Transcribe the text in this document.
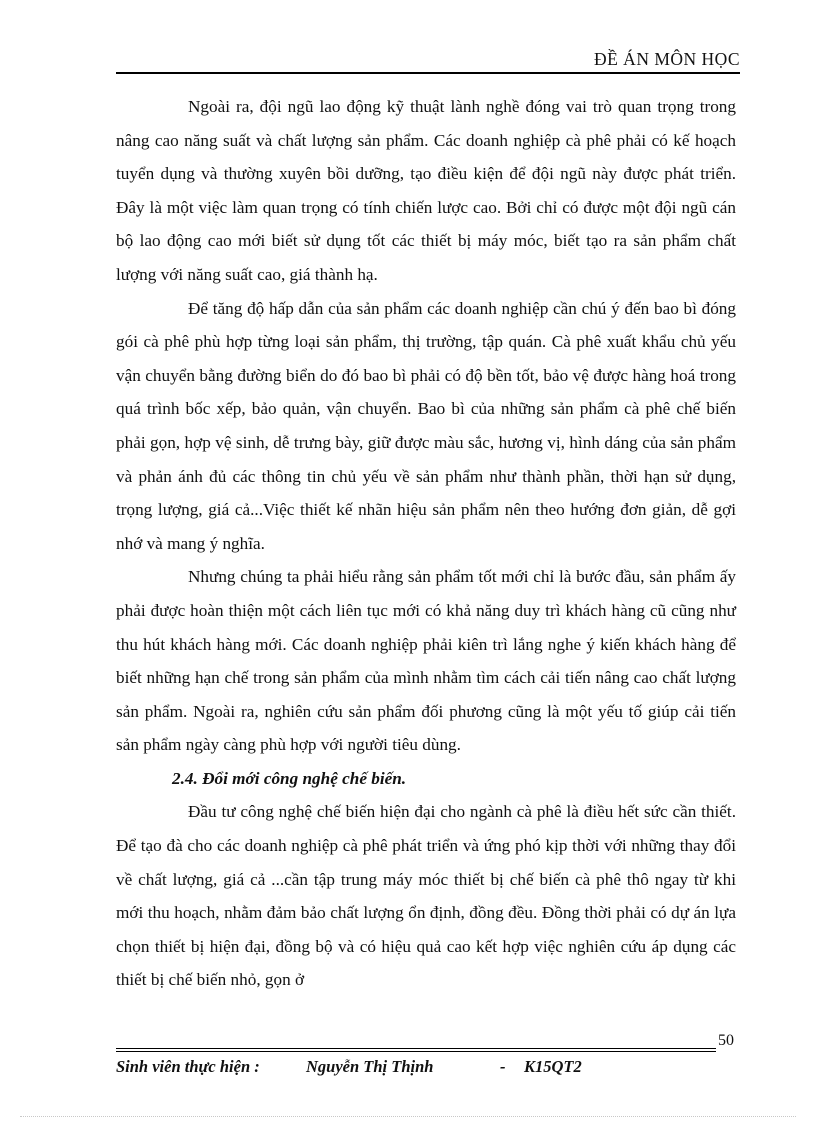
ĐỀ ÁN MÔN HỌC

Ngoài ra, đội ngũ lao động kỹ thuật lành nghề đóng vai trò quan trọng trong nâng cao năng suất và chất lượng sản phẩm. Các doanh nghiệp cà phê phải có kế hoạch tuyển dụng và thường xuyên bồi dưỡng, tạo điều kiện để đội ngũ này được phát triển. Đây là một việc làm quan trọng có tính chiến lược cao. Bởi chỉ có được một đội ngũ cán bộ lao động cao mới biết sử dụng tốt các thiết bị máy móc, biết tạo ra sản phẩm chất lượng với năng suất cao, giá thành hạ.

Để tăng độ hấp dẫn của sản phẩm các doanh nghiệp cần chú ý đến bao bì đóng gói cà phê phù hợp từng loại sản phẩm, thị trường, tập quán. Cà phê xuất khẩu chủ yếu vận chuyển bằng đường biển do đó bao bì phải có độ bền tốt, bảo vệ được hàng hoá trong quá trình bốc xếp, bảo quản, vận chuyển. Bao bì của những sản phẩm cà phê chế biến phải gọn, hợp vệ sinh, dễ trưng bày, giữ được màu sắc, hương vị, hình dáng của sản phẩm và phản ánh đủ các thông tin chủ yếu về sản phẩm như thành phần, thời hạn sử dụng, trọng lượng, giá cả...Việc thiết kế nhãn hiệu sản phẩm nên theo hướng đơn giản, dễ gợi nhớ và mang ý nghĩa.

Nhưng chúng ta phải hiểu rằng sản phẩm tốt mới chỉ là bước đầu, sản phẩm ấy phải được hoàn thiện một cách liên tục mới có khả năng duy trì khách hàng cũ cũng như thu hút khách hàng mới. Các doanh nghiệp phải kiên trì lắng nghe ý kiến khách hàng để biết những hạn chế trong sản phẩm của mình nhằm tìm cách cải tiến nâng cao chất lượng sản phẩm. Ngoài ra, nghiên cứu sản phẩm đối phương cũng là một yếu tố giúp cải tiến sản phẩm ngày càng phù hợp với người tiêu dùng.

2.4. Đổi mới công nghệ chế biến.

Đầu tư công nghệ chế biến hiện đại cho ngành cà phê là điều hết sức cần thiết. Để tạo đà cho các doanh nghiệp cà phê phát triển và ứng phó kịp thời với những thay đổi về chất lượng, giá cả ...cần tập trung máy móc thiết bị chế biến cà phê thô ngay từ khi mới thu hoạch, nhằm đảm bảo chất lượng ổn định, đồng đều. Đồng thời phải có dự án lựa chọn thiết bị hiện đại, đồng bộ và có hiệu quả cao kết hợp việc nghiên cứu áp dụng các thiết bị chế biến nhỏ, gọn ở

50
Sinh viên thực hiện :	Nguyễn Thị Thịnh	- K15QT2
